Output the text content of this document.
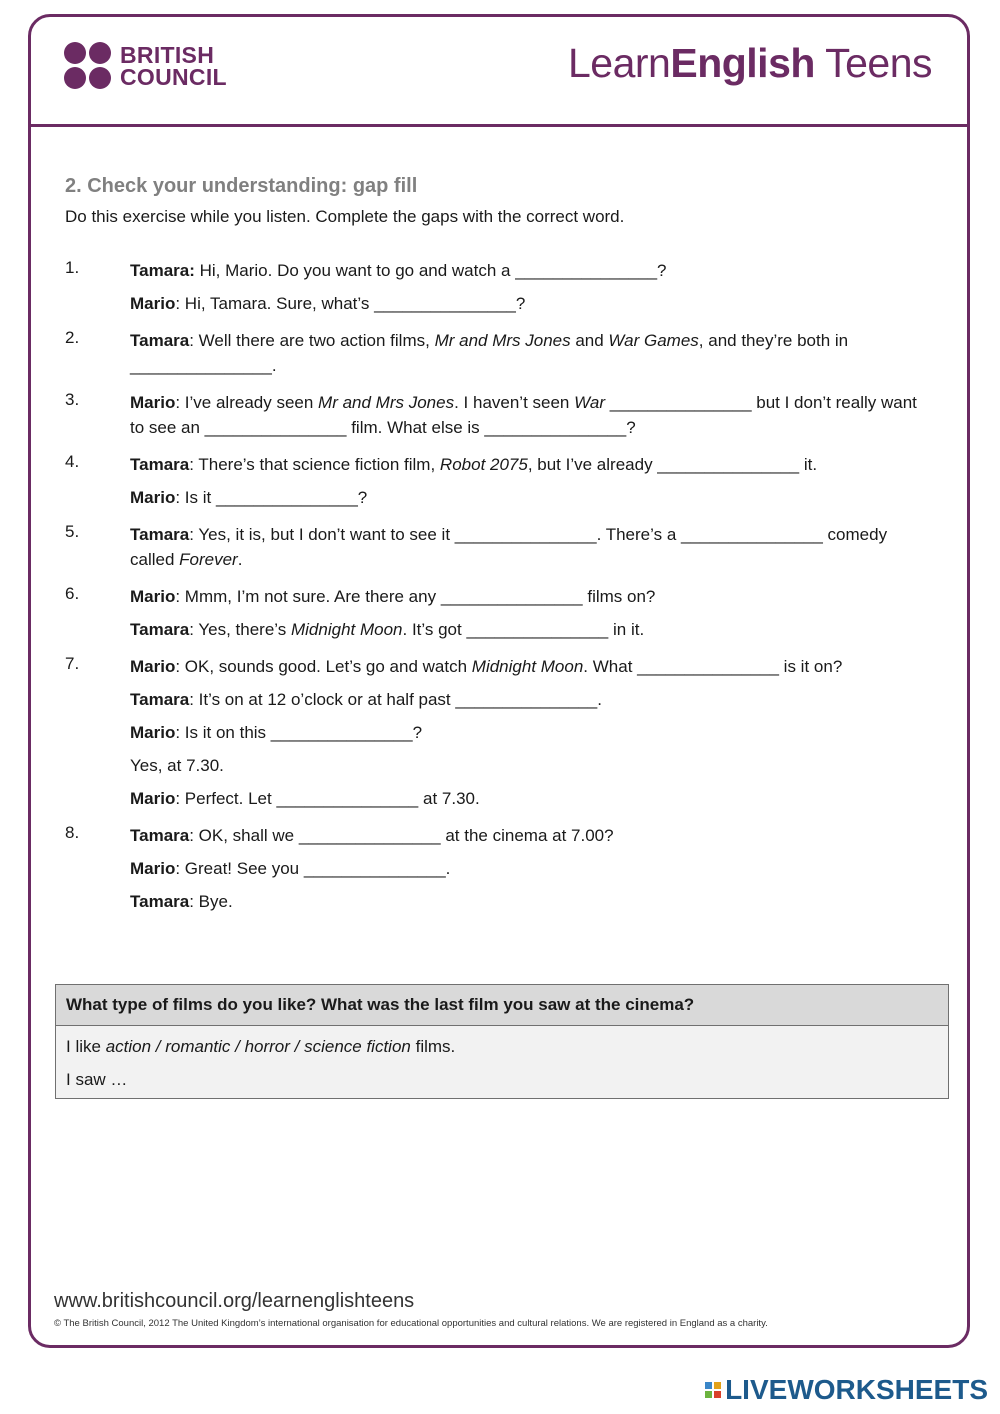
BRITISH
COUNCIL	LearnEnglish Teens
2. Check your understanding: gap fill
Do this exercise while you listen. Complete the gaps with the correct word.
1.	Tamara: Hi, Mario. Do you want to go and watch a _______________?
Mario: Hi, Tamara. Sure, what’s _______________?
2.	Tamara: Well there are two action films, Mr and Mrs Jones and War Games, and they’re both in _______________.
3.	Mario: I’ve already seen Mr and Mrs Jones. I haven’t seen War _______________ but I don’t really want to see an _______________ film. What else is _______________?
4.	Tamara: There’s that science fiction film, Robot 2075, but I’ve already _______________ it.
Mario: Is it _______________?
5.	Tamara: Yes, it is, but I don’t want to see it _______________. There’s a _______________ comedy called Forever.
6.	Mario: Mmm, I’m not sure. Are there any _______________ films on?
Tamara: Yes, there’s Midnight Moon. It’s got _______________ in it.
7.	Mario: OK, sounds good. Let’s go and watch Midnight Moon. What _______________ is it on?
Tamara: It’s on at 12 o’clock or at half past _______________.
Mario: Is it on this _______________?
Yes, at 7.30.
Mario: Perfect. Let _______________ at 7.30.
8.	Tamara: OK, shall we _______________ at the cinema at 7.00?
Mario: Great! See you _______________.
Tamara: Bye.
What type of films do you like? What was the last film you saw at the cinema?
I like action / romantic / horror / science fiction films.
I saw …
www.britishcouncil.org/learnenglishteens
© The British Council, 2012 The United Kingdom’s international organisation for educational opportunities and cultural relations. We are registered in England as a charity.
LIVEWORKSHEETS
